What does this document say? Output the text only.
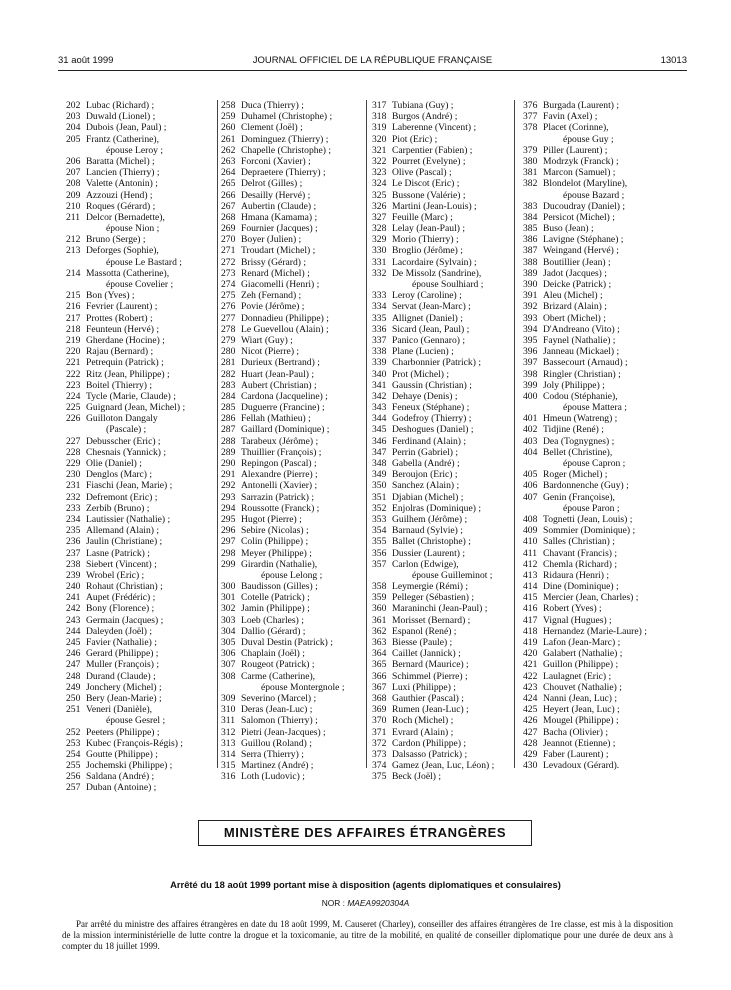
31 août 1999	JOURNAL OFFICIEL DE LA RÉPUBLIQUE FRANÇAISE	13013
202 Lubac (Richard) ;
203 Duwald (Lionel) ;
204 Dubois (Jean, Paul) ;
205 Frantz (Catherine),
épouse Leroy ;
206 Baratta (Michel) ;
207 Lancien (Thierry) ;
208 Valette (Antonin) ;
209 Azzouzi (Hend) ;
210 Roques (Gérard) ;
211 Delcor (Bernadette),
épouse Nion ;
212 Bruno (Serge) ;
213 Deforges (Sophie),
épouse Le Bastard ;
214 Massotta (Catherine),
épouse Covelier ;
215 Bon (Yves) ;
216 Fevrier (Laurent) ;
217 Prottes (Robert) ;
218 Feunteun (Hervé) ;
219 Gherdane (Hocine) ;
220 Rajau (Bernard) ;
221 Petrequin (Patrick) ;
222 Ritz (Jean, Philippe) ;
223 Boitel (Thierry) ;
224 Tycle (Marie, Claude) ;
225 Guignard (Jean, Michel) ;
226 Guilloton Dangaly
(Pascale) ;
227 Debusscher (Eric) ;
228 Chesnais (Yannick) ;
229 Olie (Daniel) ;
230 Denglos (Marc) ;
231 Fiaschi (Jean, Marie) ;
232 Defremont (Eric) ;
233 Zerbib (Bruno) ;
234 Lautissier (Nathalie) ;
235 Allemand (Alain) ;
236 Jaulin (Christiane) ;
237 Lasne (Patrick) ;
238 Siebert (Vincent) ;
239 Wrobel (Eric) ;
240 Rohaut (Christian) ;
241 Aupet (Frédéric) ;
242 Bony (Florence) ;
243 Germain (Jacques) ;
244 Daleyden (Joël) ;
245 Favier (Nathalie) ;
246 Gerard (Philippe) ;
247 Muller (François) ;
248 Durand (Claude) ;
249 Jonchery (Michel) ;
250 Bery (Jean-Marie) ;
251 Veneri (Danièle),
épouse Gesrel ;
252 Peeters (Philippe) ;
253 Kubec (François-Régis) ;
254 Goutte (Philippe) ;
255 Jochemski (Philippe) ;
256 Saldana (André) ;
257 Duban (Antoine) ;
258 Duca (Thierry) ;
259 Duhamel (Christophe) ;
260 Clement (Joël) ;
261 Dominguez (Thierry) ;
262 Chapelle (Christophe) ;
263 Forconi (Xavier) ;
264 Depraetere (Thierry) ;
265 Delrot (Gilles) ;
266 Desailly (Hervé) ;
267 Aubertin (Claude) ;
268 Hmana (Kamama) ;
269 Fournier (Jacques) ;
270 Boyer (Julien) ;
271 Troudart (Michel) ;
272 Brissy (Gérard) ;
273 Renard (Michel) ;
274 Giacomelli (Henri) ;
275 Zeh (Fernand) ;
276 Povie (Jérôme) ;
277 Donnadieu (Philippe) ;
278 Le Guevellou (Alain) ;
279 Wiart (Guy) ;
280 Nicot (Pierre) ;
281 Durieux (Bertrand) ;
282 Huart (Jean-Paul) ;
283 Aubert (Christian) ;
284 Cardona (Jacqueline) ;
285 Duguerre (Francine) ;
286 Fellah (Mathieu) ;
287 Gaillard (Dominique) ;
288 Tarabeux (Jérôme) ;
289 Thuillier (François) ;
290 Repingon (Pascal) ;
291 Alexandre (Pierre) ;
292 Antonelli (Xavier) ;
293 Sarrazin (Patrick) ;
294 Roussotte (Franck) ;
295 Hugot (Pierre) ;
296 Sebire (Nicolas) ;
297 Colin (Philippe) ;
298 Meyer (Philippe) ;
299 Girardin (Nathalie),
épouse Lelong ;
300 Baudisson (Gilles) ;
301 Cotelle (Patrick) ;
302 Jamin (Philippe) ;
303 Loeb (Charles) ;
304 Dallio (Gérard) ;
305 Duval Destin (Patrick) ;
306 Chaplain (Joël) ;
307 Rougeot (Patrick) ;
308 Carme (Catherine),
épouse Montergnole ;
309 Severino (Marcel) ;
310 Deras (Jean-Luc) ;
311 Salomon (Thierry) ;
312 Pietri (Jean-Jacques) ;
313 Guillou (Roland) ;
314 Serra (Thierry) ;
315 Martinez (André) ;
316 Loth (Ludovic) ;
317 Tubiana (Guy) ;
318 Burgos (André) ;
319 Laberenne (Vincent) ;
320 Piot (Eric) ;
321 Carpentier (Fabien) ;
322 Pourret (Evelyne) ;
323 Olive (Pascal) ;
324 Le Discot (Eric) ;
325 Bussone (Valérie) ;
326 Martini (Jean-Louis) ;
327 Feuille (Marc) ;
328 Lelay (Jean-Paul) ;
329 Morio (Thierry) ;
330 Broglio (Jérôme) ;
331 Lacordaire (Sylvain) ;
332 De Missolz (Sandrine),
épouse Soulhiard ;
333 Leroy (Caroline) ;
334 Servat (Jean-Marc) ;
335 Allignet (Daniel) ;
336 Sicard (Jean, Paul) ;
337 Panico (Gennaro) ;
338 Plane (Lucien) ;
339 Charbonnier (Patrick) ;
340 Prot (Michel) ;
341 Gaussin (Christian) ;
342 Dehaye (Denis) ;
343 Feneux (Stéphane) ;
344 Godefroy (Thierry) ;
345 Deshogues (Daniel) ;
346 Ferdinand (Alain) ;
347 Perrin (Gabriel) ;
348 Gabella (André) ;
349 Beroujon (Eric) ;
350 Sanchez (Alain) ;
351 Djabian (Michel) ;
352 Enjolras (Dominique) ;
353 Guilhem (Jérôme) ;
354 Barnaud (Sylvie) ;
355 Ballet (Christophe) ;
356 Dussier (Laurent) ;
357 Carlon (Edwige),
épouse Guilleminot ;
358 Leymergie (Rémi) ;
359 Pelleger (Sébastien) ;
360 Maraninchi (Jean-Paul) ;
361 Morisset (Bernard) ;
362 Espanol (René) ;
363 Biesse (Paule) ;
364 Caillet (Jannick) ;
365 Bernard (Maurice) ;
366 Schimmel (Pierre) ;
367 Luxi (Philippe) ;
368 Gauthier (Pascal) ;
369 Rumen (Jean-Luc) ;
370 Roch (Michel) ;
371 Evrard (Alain) ;
372 Cardon (Philippe) ;
373 Dalsasso (Patrick) ;
374 Gamez (Jean, Luc, Léon) ;
375 Beck (Joël) ;
376 Burgada (Laurent) ;
377 Favin (Axel) ;
378 Placet (Corinne),
épouse Guy ;
379 Piller (Laurent) ;
380 Modrzyk (Franck) ;
381 Marcon (Samuel) ;
382 Blondelot (Maryline),
épouse Bazard ;
383 Ducoudray (Daniel) ;
384 Persicot (Michel) ;
385 Buso (Jean) ;
386 Lavigne (Stéphane) ;
387 Weingand (Hervé) ;
388 Boutillier (Jean) ;
389 Jadot (Jacques) ;
390 Deicke (Patrick) ;
391 Aleu (Michel) ;
392 Brizard (Alain) ;
393 Obert (Michel) ;
394 D'Andreano (Vito) ;
395 Faynel (Nathalie) ;
396 Janneau (Mickael) ;
397 Bassecourt (Arnaud) ;
398 Ringler (Christian) ;
399 Joly (Philippe) ;
400 Codou (Stéphanie),
épouse Mattera ;
401 Hmeun (Watreng) ;
402 Tidjine (René) ;
403 Dea (Tognygnes) ;
404 Bellet (Christine),
épouse Capron ;
405 Roger (Michel) ;
406 Bardonnenche (Guy) ;
407 Genin (Françoise),
épouse Paron ;
408 Tognetti (Jean, Louis) ;
409 Sommier (Dominique) ;
410 Salles (Christian) ;
411 Chavant (Francis) ;
412 Chemla (Richard) ;
413 Ridaura (Henri) ;
414 Dine (Dominique) ;
415 Mercier (Jean, Charles) ;
416 Robert (Yves) ;
417 Vignal (Hugues) ;
418 Hernandez (Marie-Laure) ;
419 Lafon (Jean-Marc) ;
420 Galabert (Nathalie) ;
421 Guillon (Philippe) ;
422 Laulagnet (Eric) ;
423 Chouvet (Nathalie) ;
424 Nanni (Jean, Luc) ;
425 Heyert (Jean, Luc) ;
426 Mougel (Philippe) ;
427 Bacha (Olivier) ;
428 Jeannot (Etienne) ;
429 Faber (Laurent) ;
430 Levadoux (Gérard).
MINISTÈRE DES AFFAIRES ÉTRANGÈRES
Arrêté du 18 août 1999 portant mise à disposition (agents diplomatiques et consulaires)
NOR : MAEA9920304A
Par arrêté du ministre des affaires étrangères en date du 18 août 1999, M. Causeret (Charley), conseiller des affaires étrangères de 1re classe, est mis à la disposition de la mission interministérielle de lutte contre la drogue et la toxicomanie, au titre de la mobilité, en qualité de conseiller diplomatique pour une durée de deux ans à compter du 18 juillet 1999.
